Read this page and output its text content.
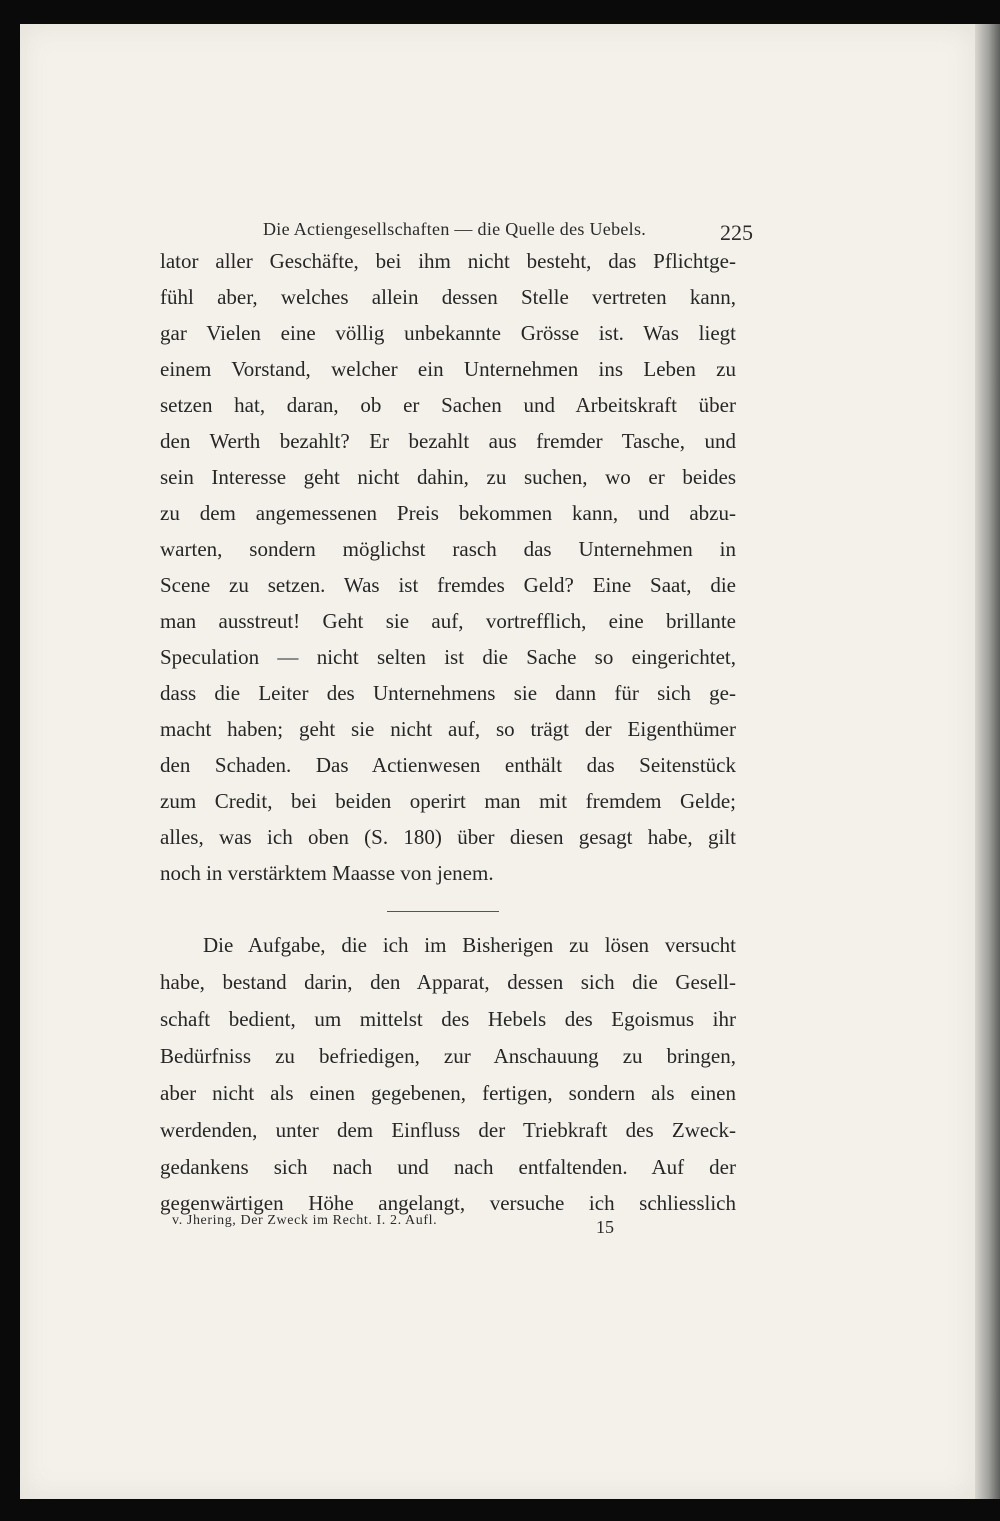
Die Actiengesellschaften — die Quelle des Uebels.	225
lator aller Geschäfte, bei ihm nicht besteht, das Pflichtge-
fühl aber, welches allein dessen Stelle vertreten kann,
gar Vielen eine völlig unbekannte Grösse ist. Was liegt
einem Vorstand, welcher ein Unternehmen ins Leben zu
setzen hat, daran, ob er Sachen und Arbeitskraft über
den Werth bezahlt? Er bezahlt aus fremder Tasche, und
sein Interesse geht nicht dahin, zu suchen, wo er beides
zu dem angemessenen Preis bekommen kann, und abzu-
warten, sondern möglichst rasch das Unternehmen in
Scene zu setzen. Was ist fremdes Geld? Eine Saat, die
man ausstreut! Geht sie auf, vortrefflich, eine brillante
Speculation — nicht selten ist die Sache so eingerichtet,
dass die Leiter des Unternehmens sie dann für sich ge-
macht haben; geht sie nicht auf, so trägt der Eigenthümer
den Schaden. Das Actienwesen enthält das Seitenstück
zum Credit, bei beiden operirt man mit fremdem Gelde;
alles, was ich oben (S. 180) über diesen gesagt habe, gilt
noch in verstärktem Maasse von jenem.
Die Aufgabe, die ich im Bisherigen zu lösen versucht
habe, bestand darin, den Apparat, dessen sich die Gesell-
schaft bedient, um mittelst des Hebels des Egoismus ihr
Bedürfniss zu befriedigen, zur Anschauung zu bringen,
aber nicht als einen gegebenen, fertigen, sondern als einen
werdenden, unter dem Einfluss der Triebkraft des Zweck-
gedankens sich nach und nach entfaltenden. Auf der
gegenwärtigen Höhe angelangt, versuche ich schliesslich
v. Jhering, Der Zweck im Recht. I. 2. Aufl.	15
